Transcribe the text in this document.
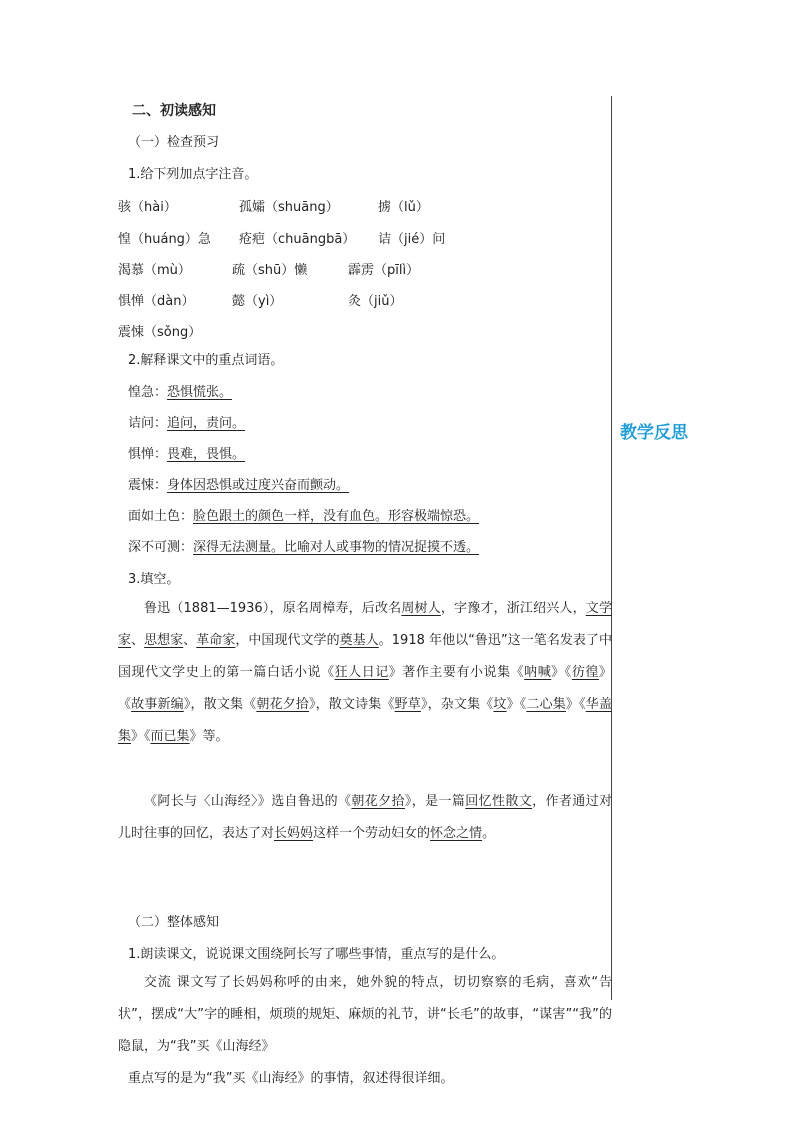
教学反思
二、初读感知
（一）检查预习
1.给下列加点字注音。
骇（hài）	孤孀（shuāng）	掳（lǔ）
惶（huáng）急 疮疤（chuāngbā） 诘（jié）问
渴慕（mù）	疏（shū）懒	霹雳（pīlì）
惧惮（dàn）	懿（yì）	灸（jiǔ）
震悚（sǒng）
2.解释课文中的重点词语。
惶急：恐惧慌张。
诘问：追问，责问。
惧惮：畏难，畏惧。
震悚：身体因恐惧或过度兴奋而颤动。
面如土色：脸色跟土的颜色一样，没有血色。形容极端惊恐。
深不可测：深得无法测量。比喻对人或事物的情况捉摸不透。
3.填空。
鲁迅（1881—1936），原名周樟寿，后改名周树人，字豫才，浙江绍兴人，文学家、思想家、革命家，中国现代文学的奠基人。1918 年他以“鲁迅”这一笔名发表了中国现代文学史上的第一篇白话小说《狂人日记》著作主要有小说集《呐喊》《彷徨》《故事新编》，散文集《朝花夕拾》，散文诗集《野草》，杂文集《坟》《二心集》《华盖集》《而已集》等。
《阿长与〈山海经〉》选自鲁迅的《朝花夕拾》，是一篇回忆性散文，作者通过对儿时往事的回忆，表达了对长妈妈这样一个劳动妇女的怀念之情。
（二）整体感知
1.朗读课文，说说课文围绕阿长写了哪些事情，重点写的是什么。
交流 课文写了长妈妈称呼的由来，她外貌的特点，切切察察的毛病，喜欢“告状”，摆成“大”字的睡相，烦琐的规矩、麻烦的礼节，讲“长毛”的故事，“谋害”“我”的隐鼠，为“我”买《山海经》
重点写的是为“我”买《山海经》的事情，叙述得很详细。
